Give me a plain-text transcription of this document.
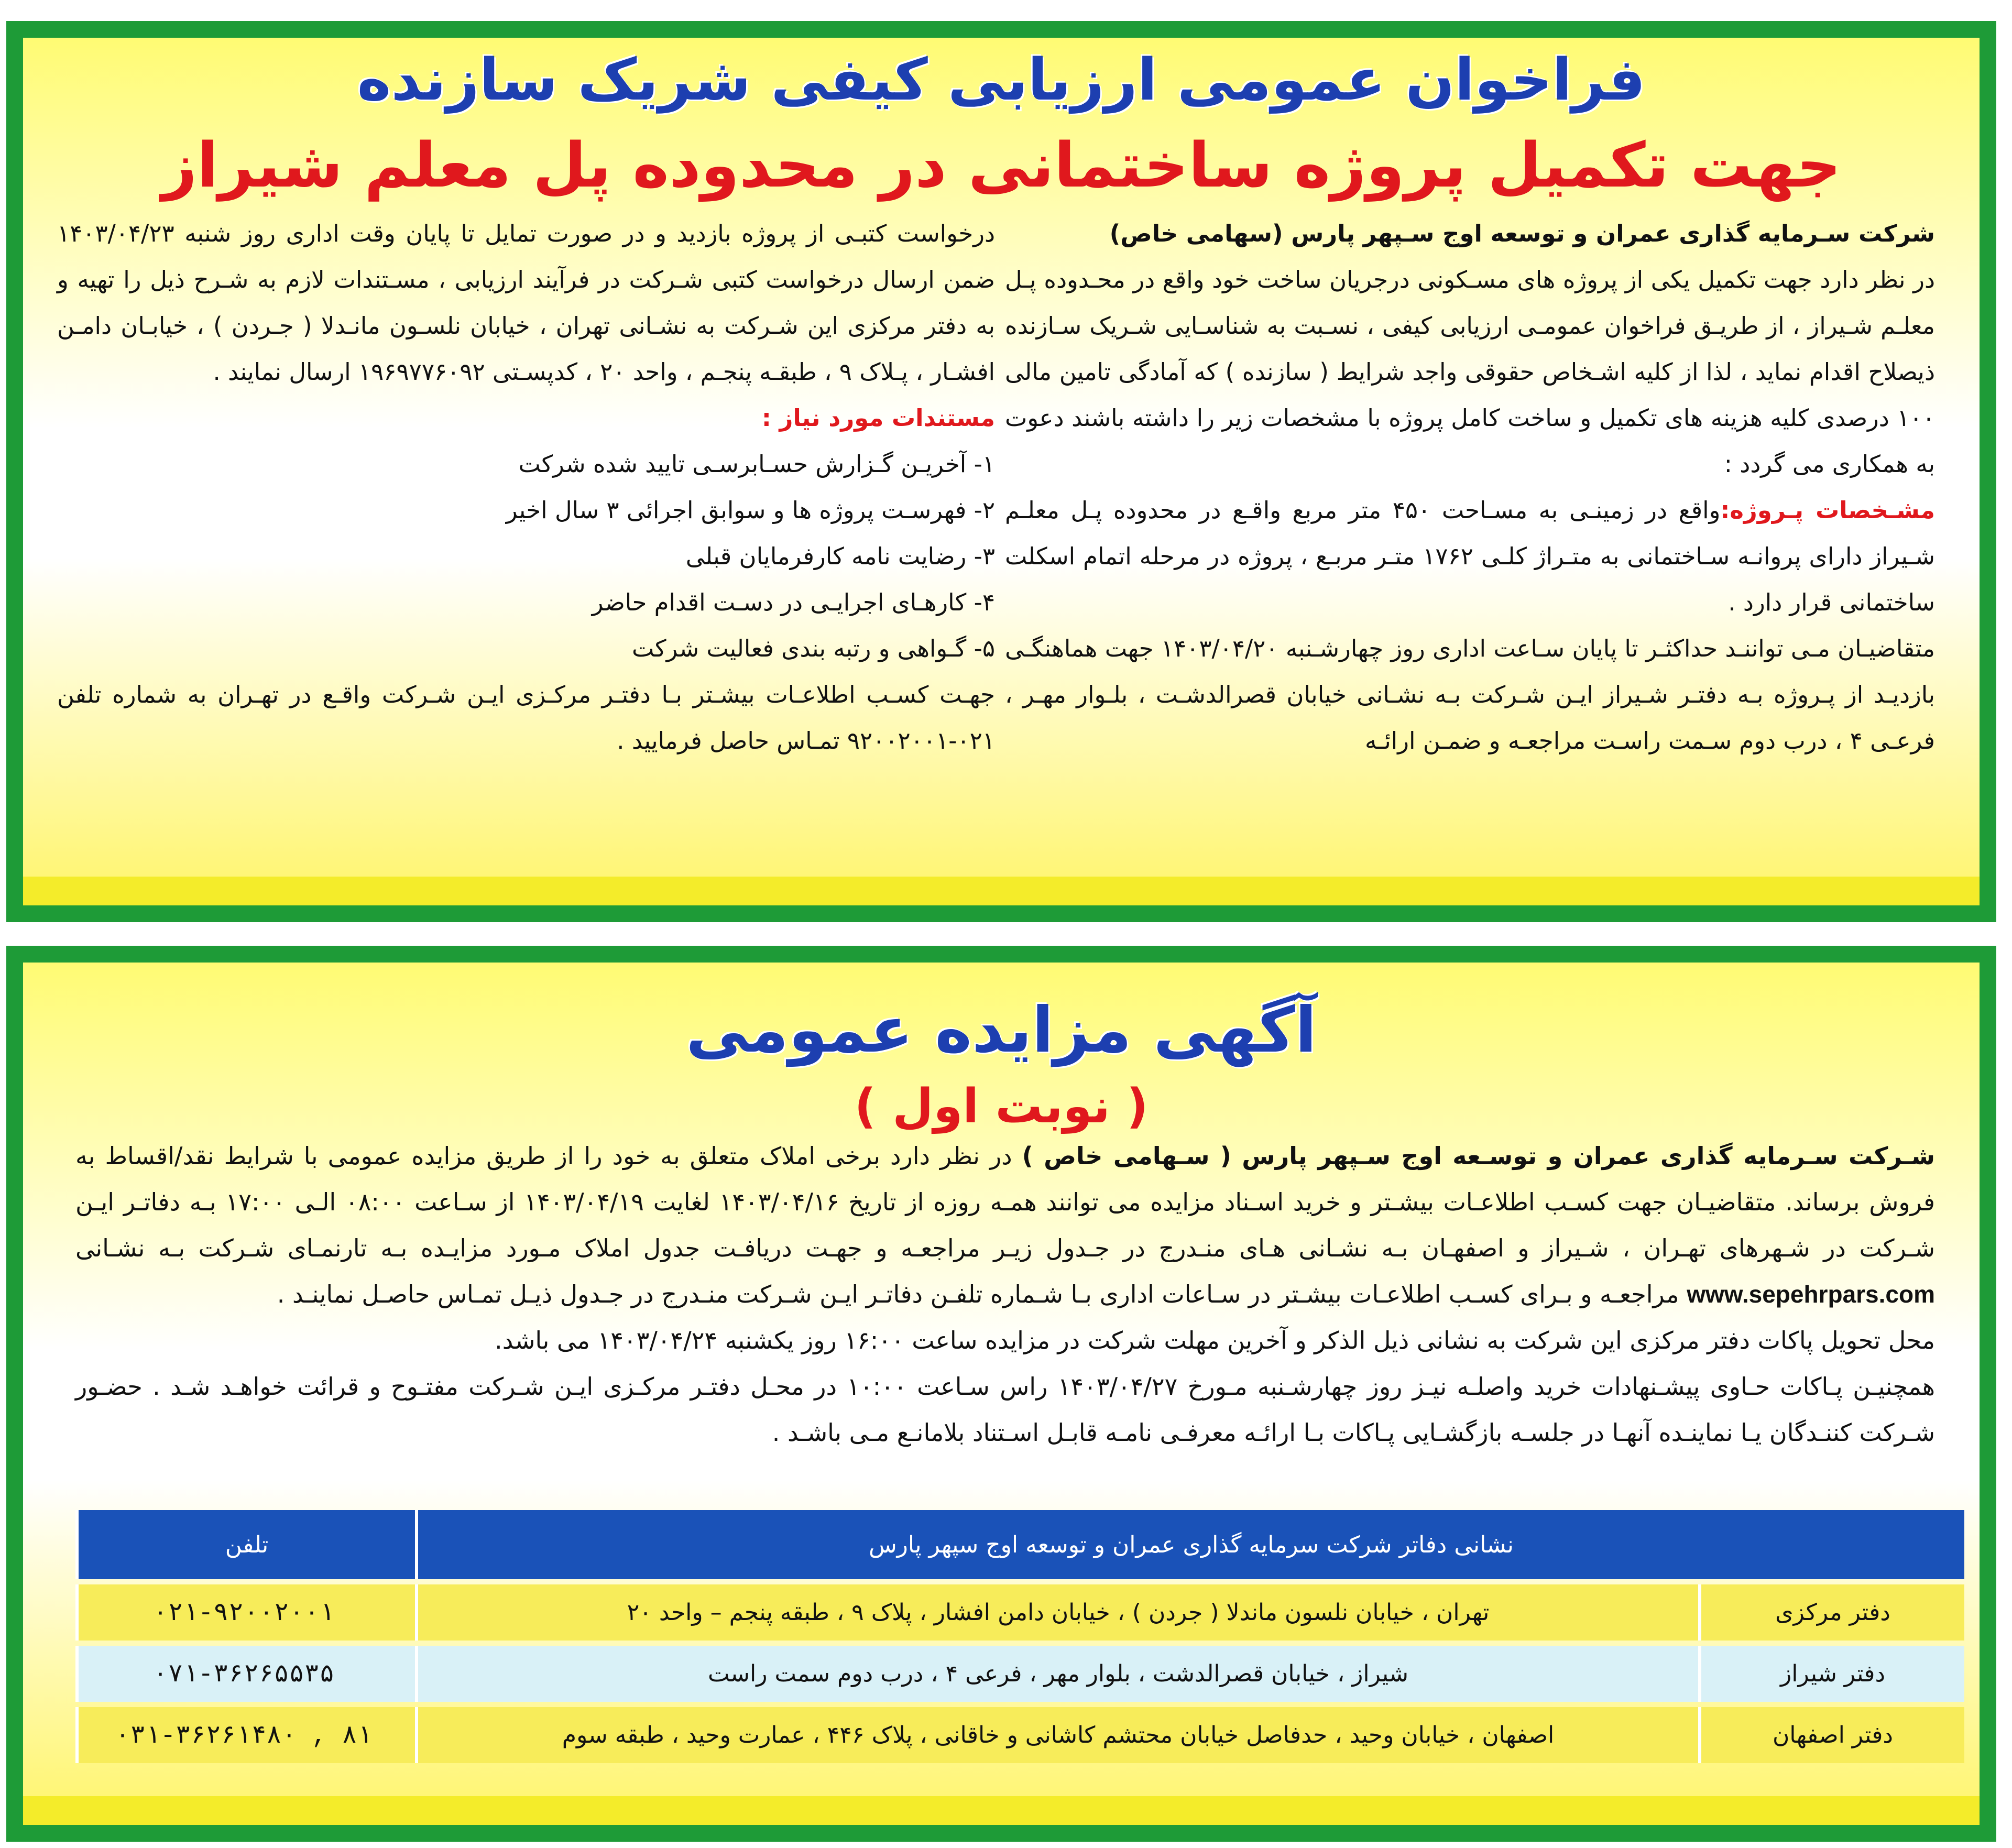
فراخوان عمومی ارزیابی کیفی شریک سازنده
جهت تکمیل پروژه ساختمانی در محدوده پل معلم شیراز

شرکت سـرمایه گذاری عمران و توسعه اوج سـپهر پارس (سهامی خاص)

در نظر دارد جهت تکمیل یکی از پروژه های مسـکونی درجریان ساخت خود واقع در محـدوده پـل معلـم شـیراز ، از طریـق فراخوان عمومـی ارزیابی کیفی ، نسـبت به شناسـایی شـریک سـازنده ذیصلاح اقدام نماید ، لذا از کلیه اشـخاص حقوقی واجد شرایط ( سازنده ) که آمادگی تامین مالی ۱۰۰ درصدی کلیه هزینه های تکمیل و ساخت کامل پروژه با مشخصات زیر را داشته باشند دعوت به همکاری می گردد :

مشـخصات پـروژه:واقع در زمینـی به مسـاحت ۴۵۰ متر مربع واقـع در محدوده پـل معلـم شـیراز دارای پروانـه سـاختمانی به متـراژ کلـی ۱۷۶۲ متـر مربـع ، پروژه در مرحله اتمام اسکلت ساختمانی قرار دارد .

متقاضیـان مـی تواننـد حداکثـر تا پایان سـاعت اداری روز چهارشـنبه ۱۴۰۳/۰۴/۲۰ جهت هماهنگـی بازدیـد از پـروژه بـه دفتـر شـیراز ایـن شـرکت بـه نشـانی خیابان قصرالدشـت ، بلـوار مهـر ، فرعـی ۴ ، درب دوم سـمت راسـت مراجعـه و ضمـن ارائـه

درخواست کتبـی از پروژه بازدید و در صورت تمایل تا پایان وقت اداری روز شنبه ۱۴۰۳/۰۴/۲۳ ضمن ارسال درخواست کتبی شـرکت در فرآیند ارزیابی ، مسـتندات لازم به شـرح ذیل را تهیه و به دفتر مرکزی این شـرکت به نشـانی تهران ، خیابان نلسـون مانـدلا ( جـردن ) ، خیابـان دامـن افشـار ، پـلاک ۹ ، طبقـه پنجـم ، واحد ۲۰ ، کدپسـتی ۱۹۶۹۷۷۶۰۹۲ ارسال نمایند .

مستندات مورد نیاز :

۱- آخریـن گـزارش حسـابرسـی تایید شده شرکت
۲- فهرسـت پروژه ها و سوابق اجرائی ۳ سال اخیر
۳- رضایت نامه کارفرمایان قبلی
۴- کارهـای اجرایـی در دسـت اقدام حاضر
۵- گـواهی و رتبه بندی فعالیت شرکت

جهـت کسـب اطلاعـات بیشـتر بـا دفتـر مرکـزی ایـن شـرکت واقـع در تهـران به شماره تلفن ۰۲۱-۹۲۰۰۲۰۰۱ تمـاس حاصل فرمایید .

آگهی مزایده عمومی
( نوبت اول )
شـرکت سـرمایه گذاری عمران و توسـعه اوج سـپهر پارس ( سـهامی خاص ) در نظر دارد برخی املاک متعلق به خود را از طریق مزایده عمومی با شرایط نقد/اقساط به فروش برساند. متقاضیـان جهت کسـب اطلاعـات بیشـتر و خرید اسـناد مزایده می توانند همـه روزه از تاریخ ۱۴۰۳/۰۴/۱۶ لغایت ۱۴۰۳/۰۴/۱۹ از سـاعت ۰۸:۰۰ الـی ۱۷:۰۰ بـه دفاتـر ایـن شـرکت در شـهرهای تهـران ، شـیراز و اصفهـان بـه نشـانی هـای منـدرج در جـدول زیـر مراجعـه و جهـت دریافـت جدول املاک مـورد مزایـده بـه تارنمـای شـرکت بـه نشـانی www.sepehrpars.com مراجعـه و بـرای کسـب اطلاعـات بیشـتر در سـاعات اداری بـا شـماره تلفـن دفاتـر ایـن شـرکت منـدرج در جـدول ذیـل تمـاس حاصـل نماینـد .
محل تحویل پاکات دفتر مرکزی این شرکت به نشانی ذیل الذکر و آخرین مهلت شرکت در مزایده ساعت ۱۶:۰۰ روز یکشنبه ۱۴۰۳/۰۴/۲۴ می باشد.
همچنیـن پـاکات حـاوی پیشـنهادات خرید واصلـه نیـز روز چهارشـنبه مـورخ ۱۴۰۳/۰۴/۲۷ راس سـاعت ۱۰:۰۰ در محـل دفتـر مرکـزی ایـن شـرکت مفتـوح و قرائت خواهـد شـد . حضـور شـرکت کننـدگان یـا نماینـده آنهـا در جلسـه بازگشـایی پـاکات بـا ارائـه معرفـی نامـه قابـل اسـتناد بلامانـع مـی باشـد .
نشانی دفاتر شرکت سرمایه گذاری عمران و توسعه اوج سپهر پارس		تلفن
دفتر مرکزی	تهران ، خیابان نلسون ماندلا ( جردن ) ، خیابان دامن افشار ، پلاک ۹ ، طبقه پنجم – واحد ۲۰	۰۲۱-۹۲۰۰۲۰۰۱
دفتر شیراز	شیراز ، خیابان قصرالدشت ، بلوار مهر ، فرعی ۴ ، درب دوم سمت راست	۰۷۱-۳۶۲۶۵۵۳۵
دفتر اصفهان	اصفهان ، خیابان وحید ، حدفاصل خیابان محتشم کاشانی و خاقانی ، پلاک ۴۴۶ ، عمارت وحید ، طبقه سوم	۰۳۱-۳۶۲۶۱۴۸۰ , ۸۱
